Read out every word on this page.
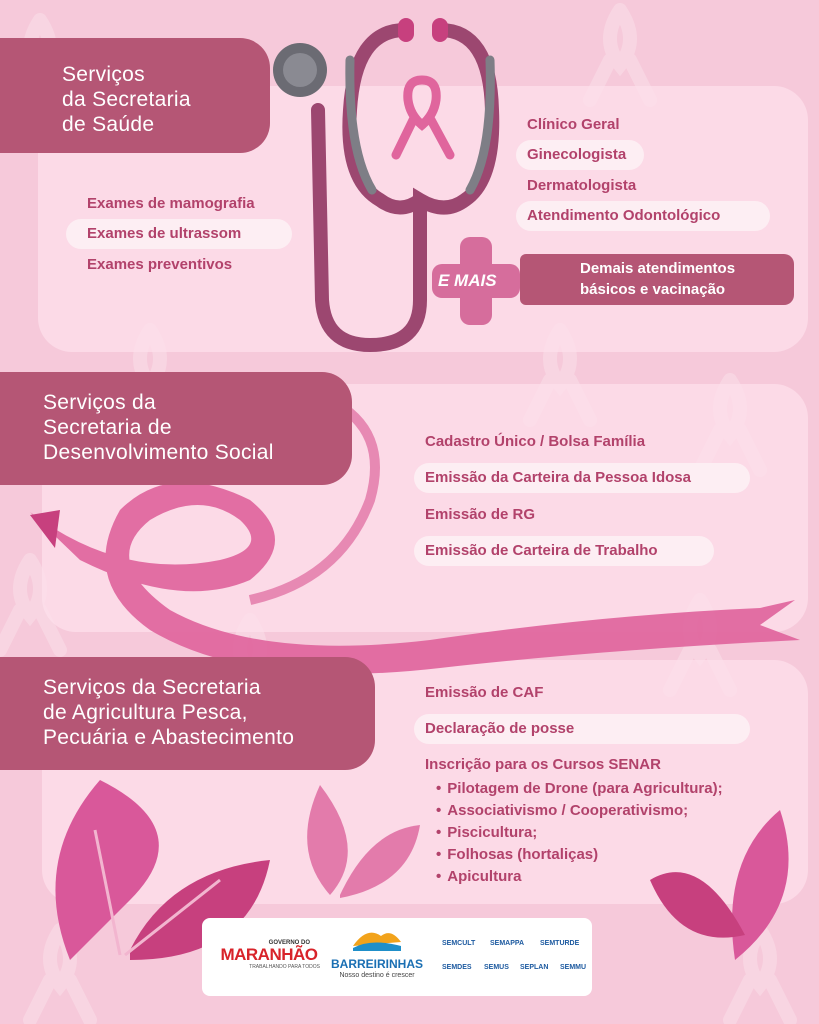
Serviços
da Secretaria
de Saúde
Exames de mamografia
Exames de ultrassom
Exames preventivos
Clínico Geral
Ginecologista
Dermatologista
Atendimento Odontológico
E MAIS
Demais atendimentos
básicos e vacinação
Serviços da
Secretaria de
Desenvolvimento Social	Cadastro Único / Bolsa Família
Emissão da Carteira da Pessoa Idosa
Emissão de RG
Emissão de Carteira de Trabalho
Serviços da Secretaria
de Agricultura Pesca,
Pecuária e Abastecimento
Emissão de CAF
Declaração de posse
Inscrição para os Cursos SENAR
• Pilotagem de Drone (para Agricultura);
• Associativismo / Cooperativismo;
• Piscicultura;
• Folhosas (hortaliças)
• Apicultura
GOVERNO DO
MARANHÃO
TRABALHANDO PARA TODOS BARREIRINHAS
Nosso destino é crescer
SEMCULT SEMAPPA SEMTURDE
SEMDES SEMUS SEPLAN SEMMU
